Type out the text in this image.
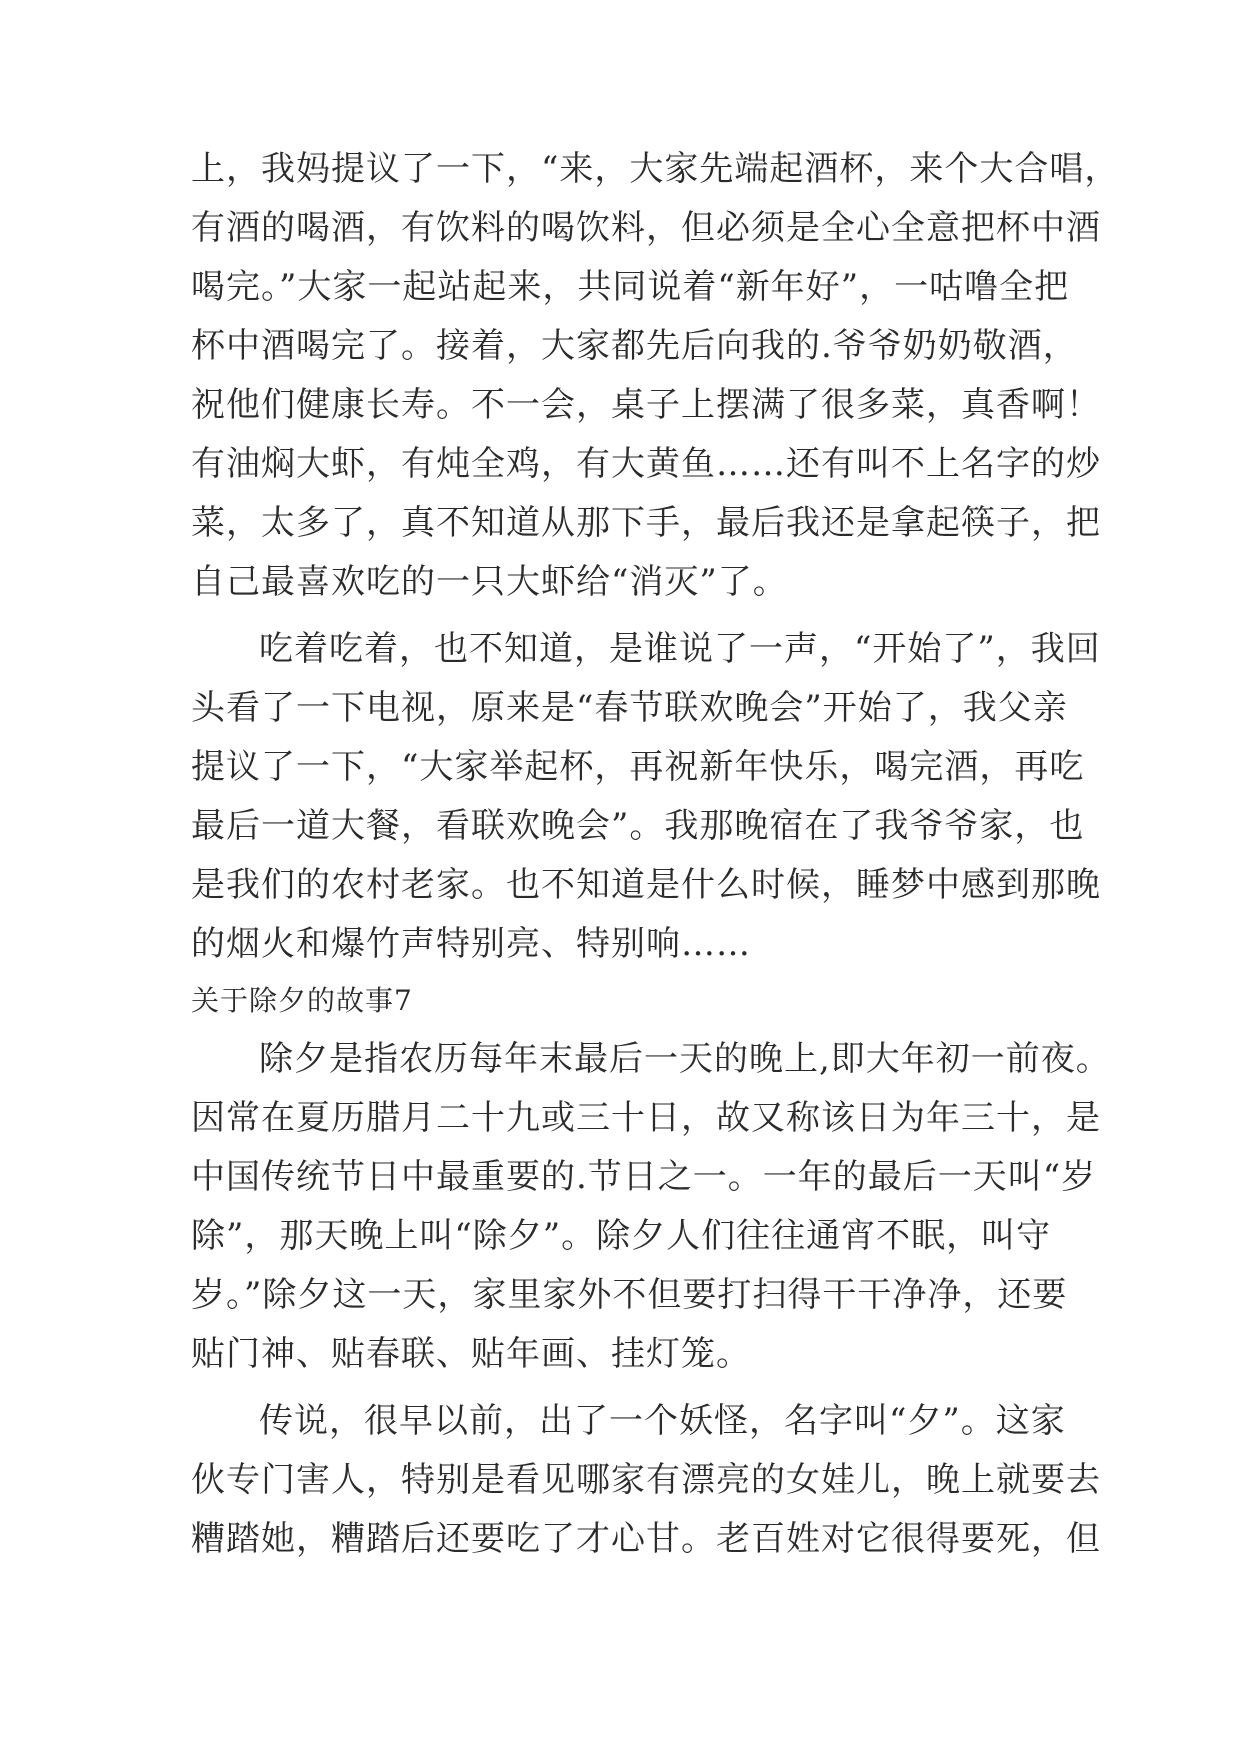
上，我妈提议了一下，“来，大家先端起酒杯，来个大合唱，
有酒的喝酒，有饮料的喝饮料，但必须是全心全意把杯中酒
喝完。”大家一起站起来，共同说着“新年好”，一咕噜全把
杯中酒喝完了。接着，大家都先后向我的.爷爷奶奶敬酒，
祝他们健康长寿。不一会，桌子上摆满了很多菜，真香啊！
有油焖大虾，有炖全鸡，有大黄鱼……还有叫不上名字的炒
菜，太多了，真不知道从那下手，最后我还是拿起筷子，把
自己最喜欢吃的一只大虾给“消灭”了。
吃着吃着，也不知道，是谁说了一声，“开始了”，我回
头看了一下电视，原来是“春节联欢晚会”开始了，我父亲
提议了一下，“大家举起杯，再祝新年快乐，喝完酒，再吃
最后一道大餐，看联欢晚会”。我那晚宿在了我爷爷家，也
是我们的农村老家。也不知道是什么时候，睡梦中感到那晚
的烟火和爆竹声特别亮、特别响……
关于除夕的故事7
除夕是指农历每年末最后一天的晚上,即大年初一前夜。
因常在夏历腊月二十九或三十日，故又称该日为年三十，是
中国传统节日中最重要的.节日之一。一年的最后一天叫“岁
除”，那天晚上叫“除夕”。除夕人们往往通宵不眠，叫守
岁。”除夕这一天，家里家外不但要打扫得干干净净，还要
贴门神、贴春联、贴年画、挂灯笼。
传说，很早以前，出了一个妖怪，名字叫“夕”。这家
伙专门害人，特别是看见哪家有漂亮的女娃儿，晚上就要去
糟踏她，糟踏后还要吃了才心甘。老百姓对它很得要死，但
